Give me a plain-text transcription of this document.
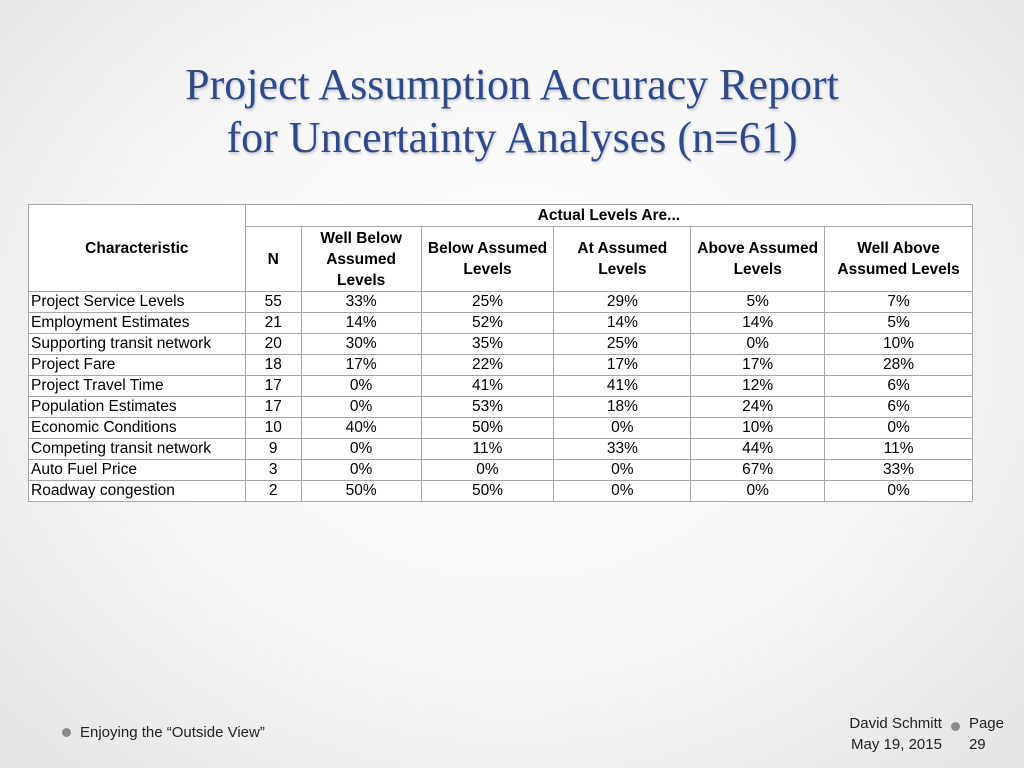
Project Assumption Accuracy Report
for Uncertainty Analyses (n=61)
Characteristic	Actual Levels Are...					
	N	Well Below Assumed Levels	Below Assumed Levels	At Assumed Levels	Above Assumed Levels	Well Above Assumed Levels
Project Service Levels	55	33%	25%	29%	5%	7%
Employment Estimates	21	14%	52%	14%	14%	5%
Supporting transit network	20	30%	35%	25%	0%	10%
Project Fare	18	17%	22%	17%	17%	28%
Project Travel Time	17	0%	41%	41%	12%	6%
Population Estimates	17	0%	53%	18%	24%	6%
Economic Conditions	10	40%	50%	0%	10%	0%
Competing transit network	9	0%	11%	33%	44%	11%
Auto Fuel Price	3	0%	0%	0%	67%	33%
Roadway congestion	2	50%	50%	0%	0%	0%
Enjoying the “Outside View”
David Schmitt
May 19, 2015
Page
29
